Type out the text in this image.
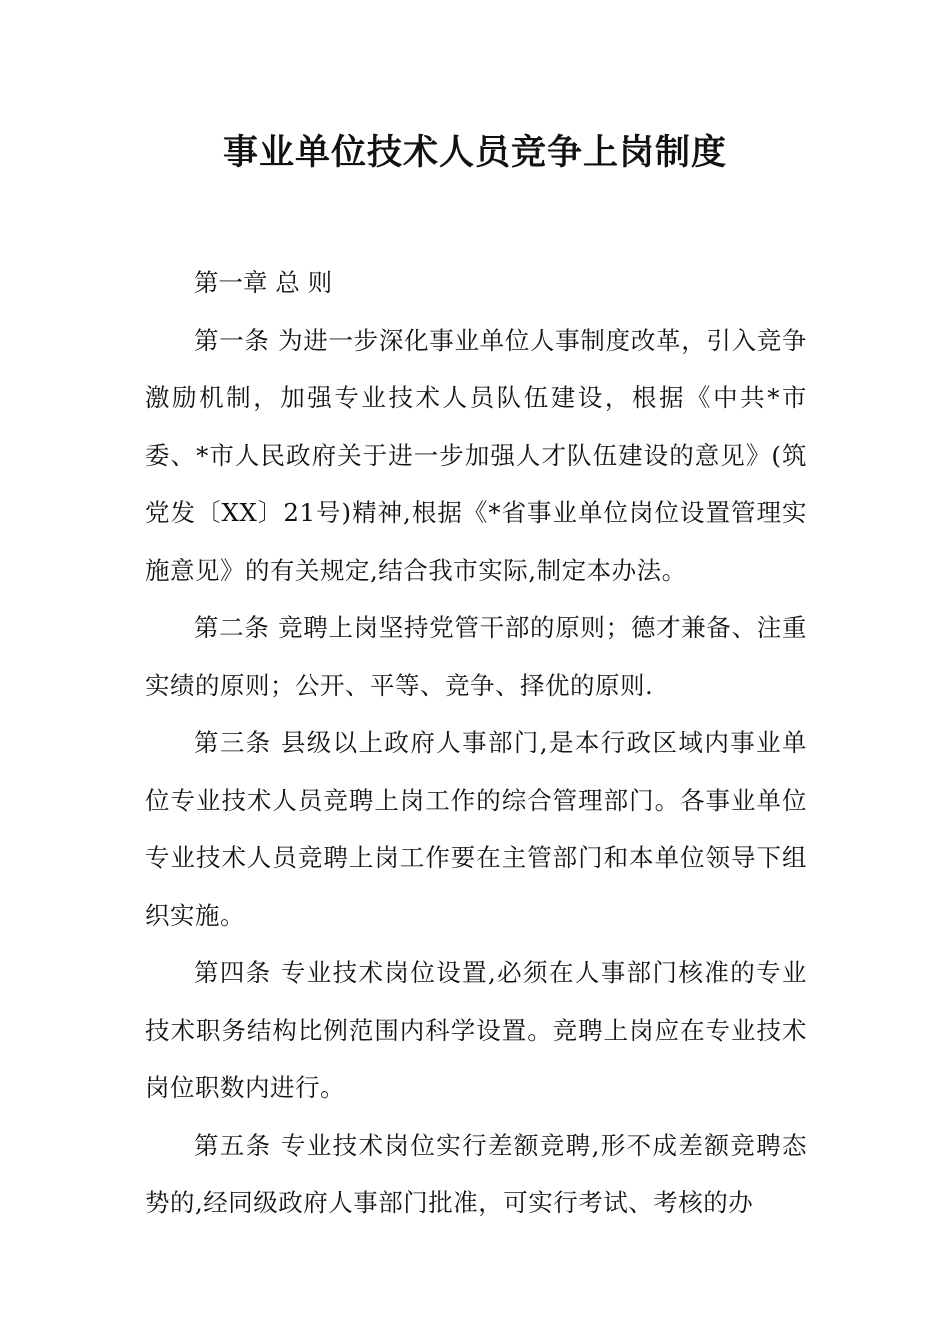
事业单位技术人员竞争上岗制度

第一章 总 则

第一条 为进一步深化事业单位人事制度改革，引入竞争激励机制，加强专业技术人员队伍建设，根据《中共*市委、*市人民政府关于进一步加强人才队伍建设的意见》(筑党发〔XX〕21号)精神,根据《*省事业单位岗位设置管理实施意见》的有关规定,结合我市实际,制定本办法。

第二条 竞聘上岗坚持党管干部的原则；德才兼备、注重实绩的原则；公开、平等、竞争、择优的原则.

第三条 县级以上政府人事部门,是本行政区域内事业单位专业技术人员竞聘上岗工作的综合管理部门。各事业单位专业技术人员竞聘上岗工作要在主管部门和本单位领导下组织实施。

第四条 专业技术岗位设置,必须在人事部门核准的专业技术职务结构比例范围内科学设置。竞聘上岗应在专业技术岗位职数内进行。

第五条 专业技术岗位实行差额竞聘,形不成差额竞聘态势的,经同级政府人事部门批准，可实行考试、考核的办
